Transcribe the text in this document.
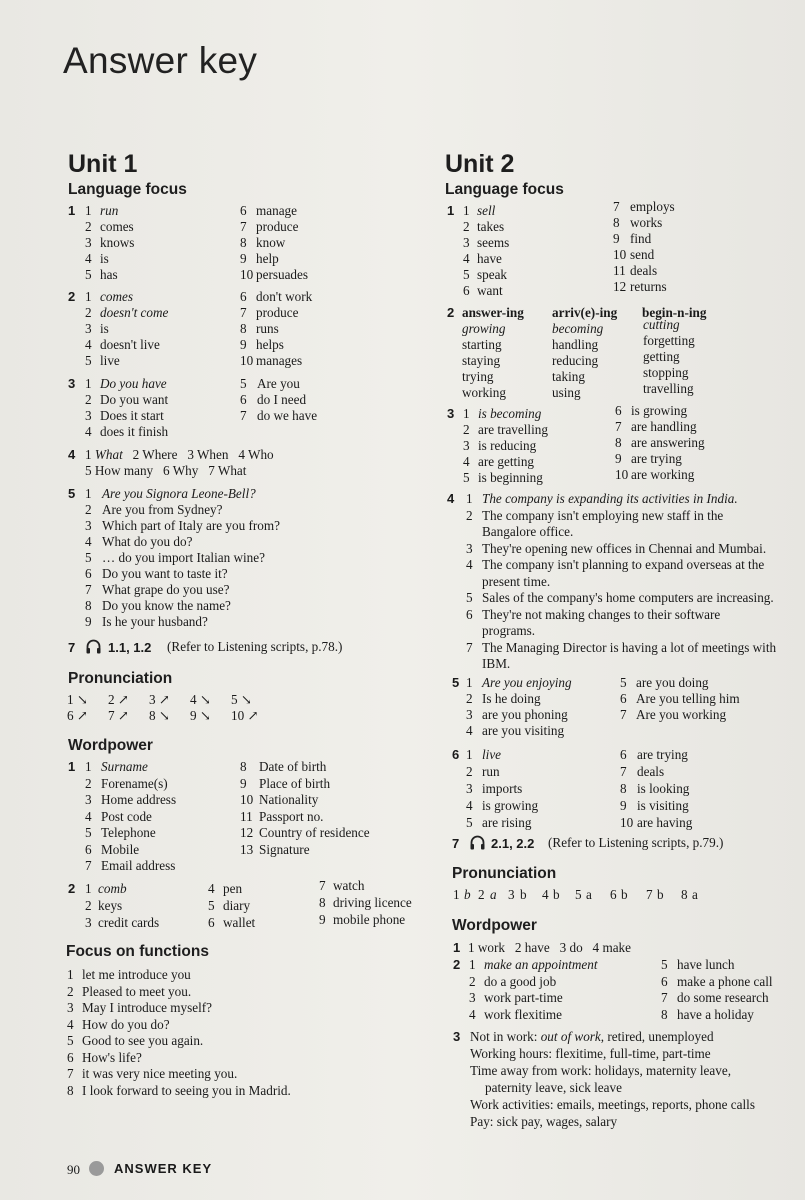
Answer key
Unit 1
Language focus
1
2
3
4 1 What 2 Where 3 When 4 Who
5 How many 6 Why 7 What
5
7	1.1, 1.2 (Refer to Listening scripts, p.78.)
Pronunciation
Wordpower
1
2
Focus on functions
Unit 2
Language focus
1
2
3
4
5
6
7 2.1, 2.2 (Refer to Listening scripts, p.79.)
Pronunciation
Wordpower
1 1 work 2 have 3 do 4 make
2
3 Not in work: out of work, retired, unemployed
Working hours: flexitime, full-time, part-time
Time away from work: holidays, maternity leave,
paternity leave, sick leave
Work activities: emails, meetings, reports, phone calls
Pay: sick pay, wages, salary
90	ANSWER KEY
1 run
2 comes
3 knows
4 is
5 has
6 manage
7 produce
8 know
9 help
10 persuades
1 comes
2 doesn't come
3 is
4 doesn't live
5 live
6 don't work
7 produce
8 runs
9 helps
10 manages
1 Do you have
2 Do you want
3 Does it start
4 does it finish
5 Are you
6 do I need
7 do we have
1 Are you Signora Leone-Bell?
2 Are you from Sydney?
3 Which part of Italy are you from?
4 What do you do?
5 … do you import Italian wine?
6 Do you want to taste it?
7 What grape do you use?
8 Do you know the name?
9 Is he your husband?
1 ↘ 2 ↗ 3 ↗ 4 ↘ 5 ↘
6 ↗ 7 ↗ 8 ↘ 9 ↘ 10 ↗
1 Surname
2 Forename(s)
3 Home address
4 Post code
5 Telephone
6 Mobile
7 Email address
8 Date of birth
9 Place of birth
10 Nationality
11 Passport no.
12 Country of residence
13 Signature
1 comb
2 keys
3 credit cards
4 pen
5 diary
6 wallet
7 watch
8 driving licence
9 mobile phone
1 let me introduce you
2 Pleased to meet you.
3 May I introduce myself?
4 How do you do?
5 Good to see you again.
6 How's life?
7 it was very nice meeting you.
8 I look forward to seeing you in Madrid.
1 sell
2 takes
3 seems
4 have
5 speak
6 want
7 employs
8 works
9 find
10 send
11 deals
12 returns
answer-ing arriv(e)-ing begin-n-ing
growing
starting
staying
trying
working
becoming
handling
reducing
taking
using
cutting
forgetting
getting
stopping
travelling
1 is becoming
2 are travelling
3 is reducing
4 are getting
5 is beginning
6 is growing
7 are handling
8 are answering
9 are trying
10 are working
1 The company is expanding its activities in India.
2 The company isn't employing new staff in the
Bangalore office.
3 They're opening new offices in Chennai and Mumbai.
4 The company isn't planning to expand overseas at the
present time.
5 Sales of the company's home computers are increasing.
6 They're not making changes to their software
programs.
7 The Managing Director is having a lot of meetings with
IBM.
1 Are you enjoying
2 Is he doing
3 are you phoning
4 are you visiting
5 are you doing
6 Are you telling him
7 Are you working
1 live
2 run
3 imports
4 is growing
5 are rising
6 are trying
7 deals
8 is looking
9 is visiting
10 are having
1 b 2 a 3 b 4 b 5 a 6 b 7 b 8 a
1 make an appointment
2 do a good job
3 work part-time
4 work flexitime
5 have lunch
6 make a phone call
7 do some research
8 have a holiday
